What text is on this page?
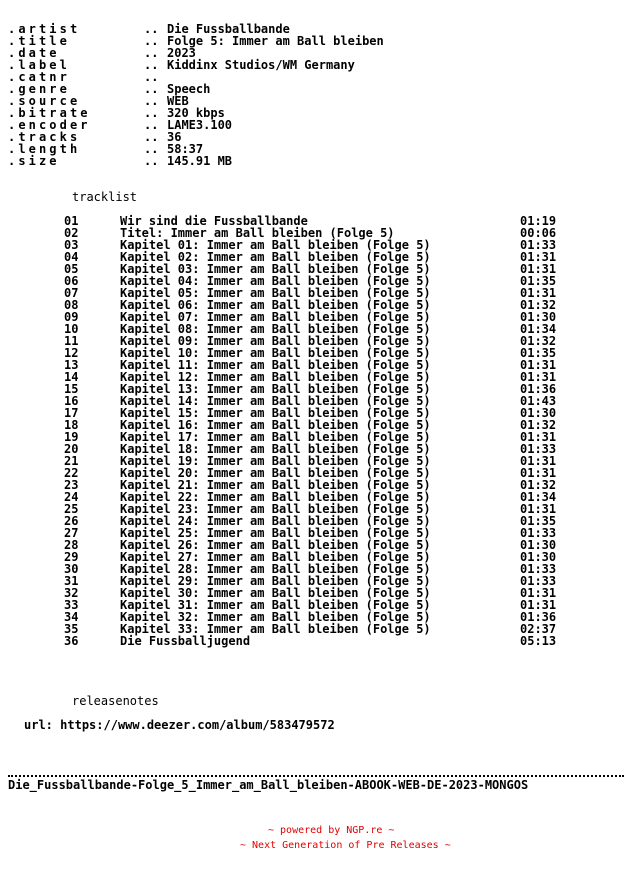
.artist	.. Die Fussballbande
.title	.. Folge 5: Immer am Ball bleiben
.date	.. 2023
.label	.. Kiddinx Studios/WM Germany
.catnr	..
.genre	.. Speech
.source	.. WEB
.bitrate	.. 320 kbps
.encoder	.. LAME3.100
.tracks	.. 36
.length	.. 58:37
.size	.. 145.91 MB
tracklist
01	Wir sind die Fussballbande	01:19
02	Titel: Immer am Ball bleiben (Folge 5)	00:06
03	Kapitel 01: Immer am Ball bleiben (Folge 5)	01:33
04	Kapitel 02: Immer am Ball bleiben (Folge 5)	01:31
05	Kapitel 03: Immer am Ball bleiben (Folge 5)	01:31
06	Kapitel 04: Immer am Ball bleiben (Folge 5)	01:35
07	Kapitel 05: Immer am Ball bleiben (Folge 5)	01:31
08	Kapitel 06: Immer am Ball bleiben (Folge 5)	01:32
09	Kapitel 07: Immer am Ball bleiben (Folge 5)	01:30
10	Kapitel 08: Immer am Ball bleiben (Folge 5)	01:34
11	Kapitel 09: Immer am Ball bleiben (Folge 5)	01:32
12	Kapitel 10: Immer am Ball bleiben (Folge 5)	01:35
13	Kapitel 11: Immer am Ball bleiben (Folge 5)	01:31
14	Kapitel 12: Immer am Ball bleiben (Folge 5)	01:31
15	Kapitel 13: Immer am Ball bleiben (Folge 5)	01:36
16	Kapitel 14: Immer am Ball bleiben (Folge 5)	01:43
17	Kapitel 15: Immer am Ball bleiben (Folge 5)	01:30
18	Kapitel 16: Immer am Ball bleiben (Folge 5)	01:32
19	Kapitel 17: Immer am Ball bleiben (Folge 5)	01:31
20	Kapitel 18: Immer am Ball bleiben (Folge 5)	01:33
21	Kapitel 19: Immer am Ball bleiben (Folge 5)	01:31
22	Kapitel 20: Immer am Ball bleiben (Folge 5)	01:31
23	Kapitel 21: Immer am Ball bleiben (Folge 5)	01:32
24	Kapitel 22: Immer am Ball bleiben (Folge 5)	01:34
25	Kapitel 23: Immer am Ball bleiben (Folge 5)	01:31
26	Kapitel 24: Immer am Ball bleiben (Folge 5)	01:35
27	Kapitel 25: Immer am Ball bleiben (Folge 5)	01:33
28	Kapitel 26: Immer am Ball bleiben (Folge 5)	01:30
29	Kapitel 27: Immer am Ball bleiben (Folge 5)	01:30
30	Kapitel 28: Immer am Ball bleiben (Folge 5)	01:33
31	Kapitel 29: Immer am Ball bleiben (Folge 5)	01:33
32	Kapitel 30: Immer am Ball bleiben (Folge 5)	01:31
33	Kapitel 31: Immer am Ball bleiben (Folge 5)	01:31
34	Kapitel 32: Immer am Ball bleiben (Folge 5)	01:36
35	Kapitel 33: Immer am Ball bleiben (Folge 5)	02:37
36	Die Fussballjugend	05:13
releasenotes
url: https://www.deezer.com/album/583479572
Die_Fussballbande-Folge_5_Immer_am_Ball_bleiben-ABOOK-WEB-DE-2023-MONGOS
~ powered by NGP.re ~
~ Next Generation of Pre Releases ~
